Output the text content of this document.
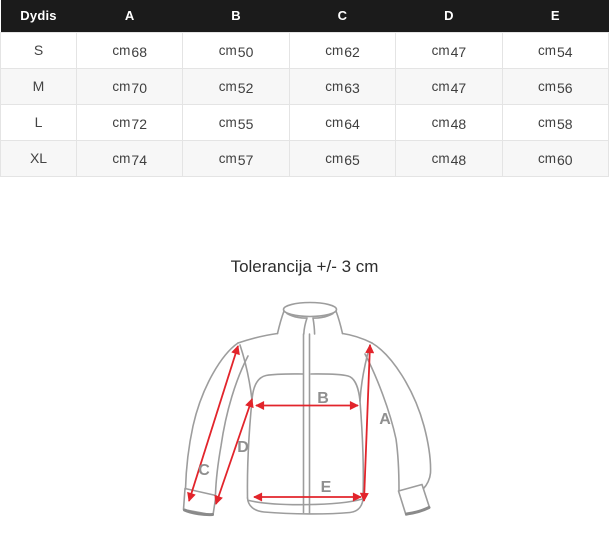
Dydis	A	B	C	D	E
S	cm68	cm50	cm62	cm47	cm54
M	cm70	cm52	cm63	cm47	cm56
L	cm72	cm55	cm64	cm48	cm58
XL	cm74	cm57	cm65	cm48	cm60
Tolerancija +/- 3 cm
A
B
C
D
E
